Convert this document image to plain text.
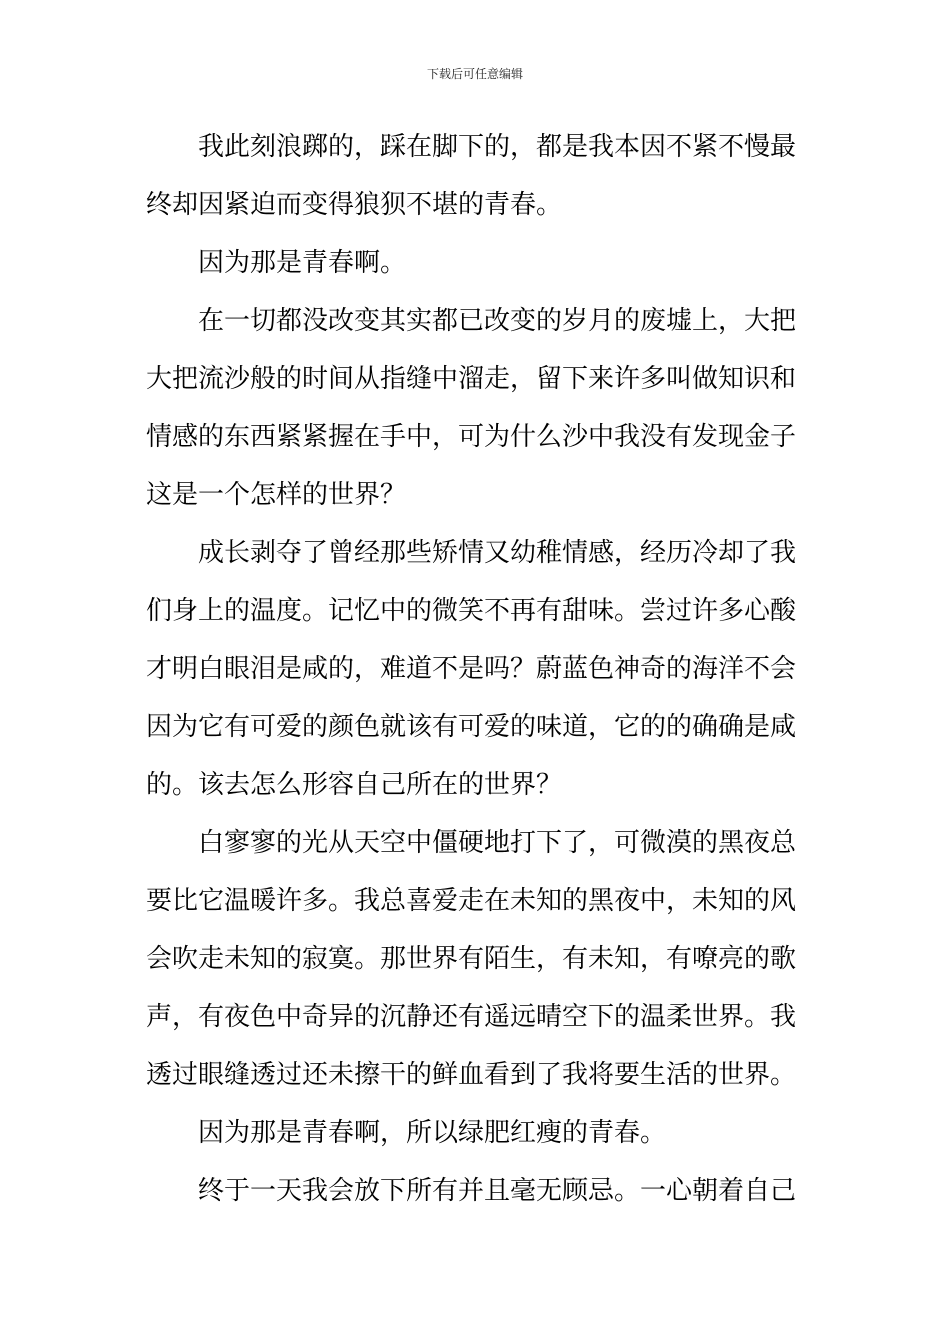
下载后可任意编辑
我此刻浪踯的，踩在脚下的，都是我本因不紧不慢最
终却因紧迫而变得狼狈不堪的青春。
因为那是青春啊。
在一切都没改变其实都已改变的岁月的废墟上，大把
大把流沙般的时间从指缝中溜走，留下来许多叫做知识和
情感的东西紧紧握在手中，可为什么沙中我没有发现金子
这是一个怎样的世界？
成长剥夺了曾经那些矫情又幼稚情感，经历冷却了我
们身上的温度。记忆中的微笑不再有甜味。尝过许多心酸
才明白眼泪是咸的，难道不是吗？蔚蓝色神奇的海洋不会
因为它有可爱的颜色就该有可爱的味道，它的的确确是咸
的。该去怎么形容自己所在的世界？
白寥寥的光从天空中僵硬地打下了，可微漠的黑夜总
要比它温暖许多。我总喜爱走在未知的黑夜中，未知的风
会吹走未知的寂寞。那世界有陌生，有未知，有嘹亮的歌
声，有夜色中奇异的沉静还有遥远晴空下的温柔世界。我
透过眼缝透过还未擦干的鲜血看到了我将要生活的世界。
因为那是青春啊，所以绿肥红瘦的青春。
终于一天我会放下所有并且毫无顾忌。一心朝着自己
